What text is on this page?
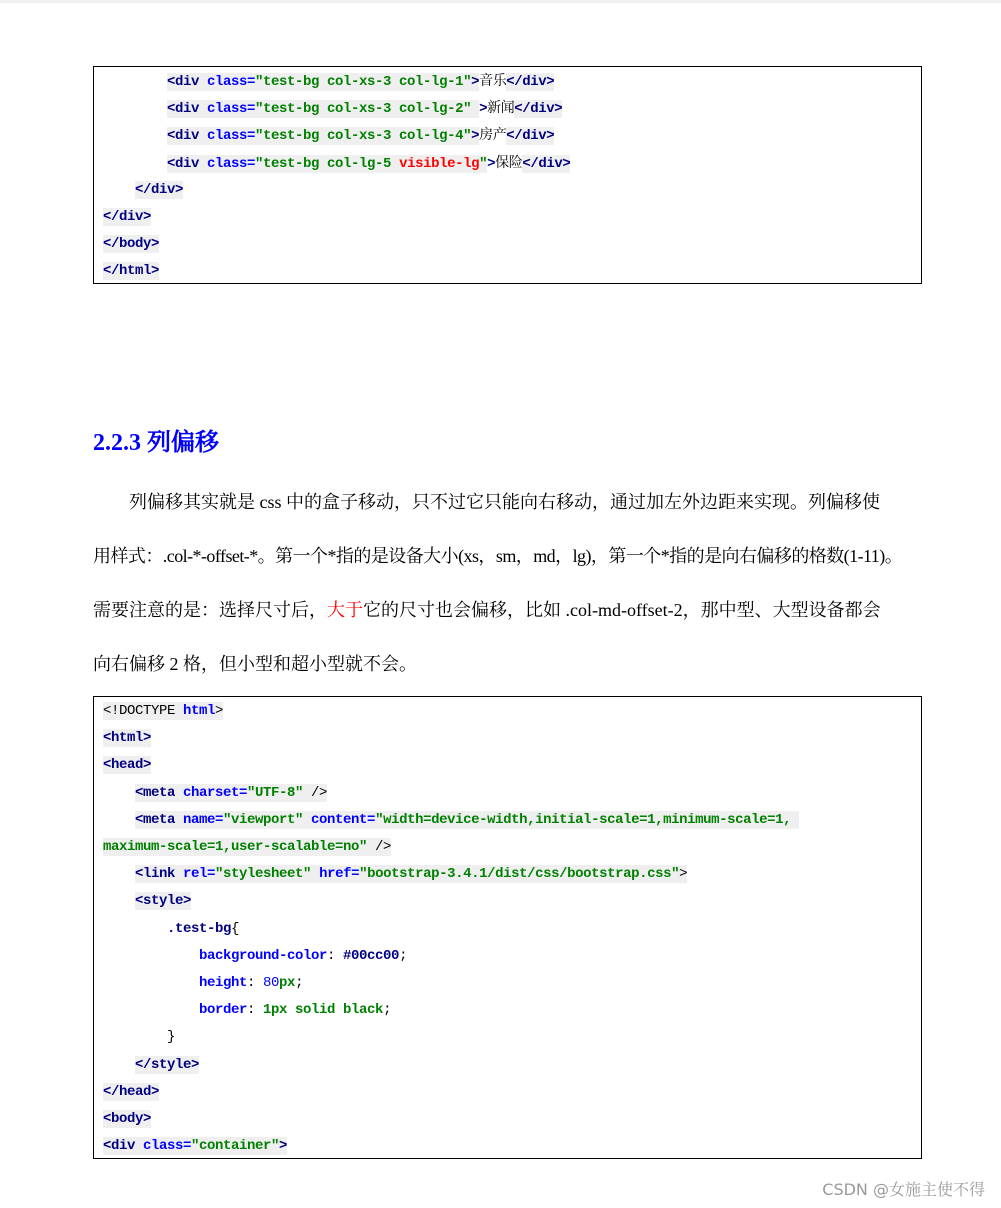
<div class="test-bg col-xs-3 col-lg-1">音乐</div>
<div class="test-bg col-xs-3 col-lg-2" >新闻</div>
<div class="test-bg col-xs-3 col-lg-4">房产</div>
<div class="test-bg col-lg-5 visible-lg">保险</div>
</div>
</div>
</body>
</html>
2.2.3 列偏移
列偏移其实就是 css 中的盒子移动，只不过它只能向右移动，通过加左外边距来实现。列偏移使
用样式：.col-*-offset-*。第一个*指的是设备大小(xs，sm，md，lg)，第一个*指的是向右偏移的格数(1-11)。
需要注意的是：选择尺寸后，大于它的尺寸也会偏移，比如 .col-md-offset-2，那中型、大型设备都会
向右偏移 2 格，但小型和超小型就不会。
<!DOCTYPE html>
<html>
<head>
<meta charset="UTF-8" />
<meta name="viewport" content="width=device-width,initial-scale=1,minimum-scale=1,
maximum-scale=1,user-scalable=no" />
<link rel="stylesheet" href="bootstrap-3.4.1/dist/css/bootstrap.css">
<style>
.test-bg{
background-color: #00cc00;
height: 80px;
border: 1px solid black;
}
</style>
</head>
<body>
<div class="container">
CSDN @女施主使不得
